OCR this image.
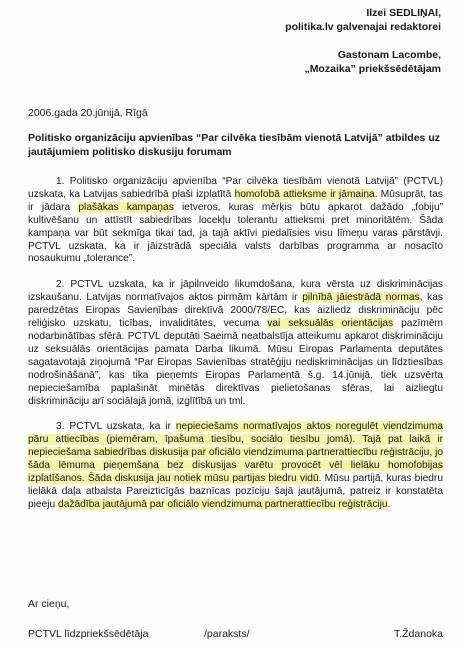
Ilzei SEDLIŅAI,
politika.lv galvenajai redaktorei
Gastonam Lacombe,
„Mozaika” priekšsēdētājam
2006.gada 20.jūnijā, Rīgā
Politisko organizāciju apvienības “Par cilvēka tiesībām vienotā Latvijā” atbildes uz jautājumiem politisko diskusiju forumam

1. Politisko organizāciju apvienība “Par cilvēka tiesībām vienotā Latvijā” (PCTVL) uzskata, ka Latvijas sabiedrībā plaši izplatītā homofobā attieksme ir jāmaina. Mūsuprāt, tas ir jādara plašākas kampaņas ietveros, kuras mērķis būtu apkarot dažādo „fobiju” kultivēšanu un attīstīt sabiedrības locekļu tolerantu attieksmi pret minoritātēm. Šāda kampaņa var būt sekmīga tikai tad, ja tajā aktīvi piedalīsies visu līmeņu varas pārstāvji. PCTVL uzskata, ka ir jāizstrādā speciāla valsts darbības programma ar nosacīto nosaukumu „tolerance”.

2. PCTVL uzskata, ka ir jāpilnveido likumdošana, kura vērsta uz diskriminācijas izskaušanu. Latvijas normatīvajos aktos pirmām kārtām ir pilnībā jāiestrādā normas, kas paredzētas Eiropas Savienības direktīvā 2000/78/EC, kas aizliedz diskrimināciju pēc reliģisko uzskatu, ticības, invaliditātes, vecuma vai seksuālās orientācijas pazīmēm nodarbinātības sfērā. PCTVL deputāti Saeimā neatbalstīja atteikumu apkarot diskrimināciju uz seksuālās orientācijas pamata Darba likumā. Mūsu Eiropas Parlamenta deputātes sagatavotajā ziņojumā “Par Eiropas Savienības stratēģiju nediskriminācijas un līdztiesības nodrošināšanā”, kas tika pieņemts Eiropas Parlamentā š.g. 14.jūnijā, tiek uzsvērta nepieciešamība paplašināt minētās direktīvas pielietošanas sfēras, lai aizliegtu diskrimināciju arī sociālajā jomā, izglītībā un tml.

3. PCTVL uzskata, ka ir nepieciešams normatīvajos aktos noregulēt viendzimuma pāru attiecības (piemēram, īpašuma tiesību, sociālo tiesību jomā). Tajā pat laikā ir nepieciešama sabiedrības diskusija par oficiālo viendzimuma partnerattiecību reģistrāciju, jo šāda lēmuma pieņemšana bez diskusijas varētu provocēt vēl lielāku homofobijas izplatīšanos. Šāda diskusija jau notiek mūsu partijas biedru vidū. Mūsu partijā, kuras biedru lielākā daļa atbalsta Pareizticīgās baznīcas pozīciju šajā jautājumā, patreiz ir konstatēta pieeju dažādība jautājumā par oficiālo viendzimuma partnerattiecību reģistrāciju.

Ar cieņu,
PCTVL līdzpriekšsēdētāja	/paraksts/	T.Ždanoka
